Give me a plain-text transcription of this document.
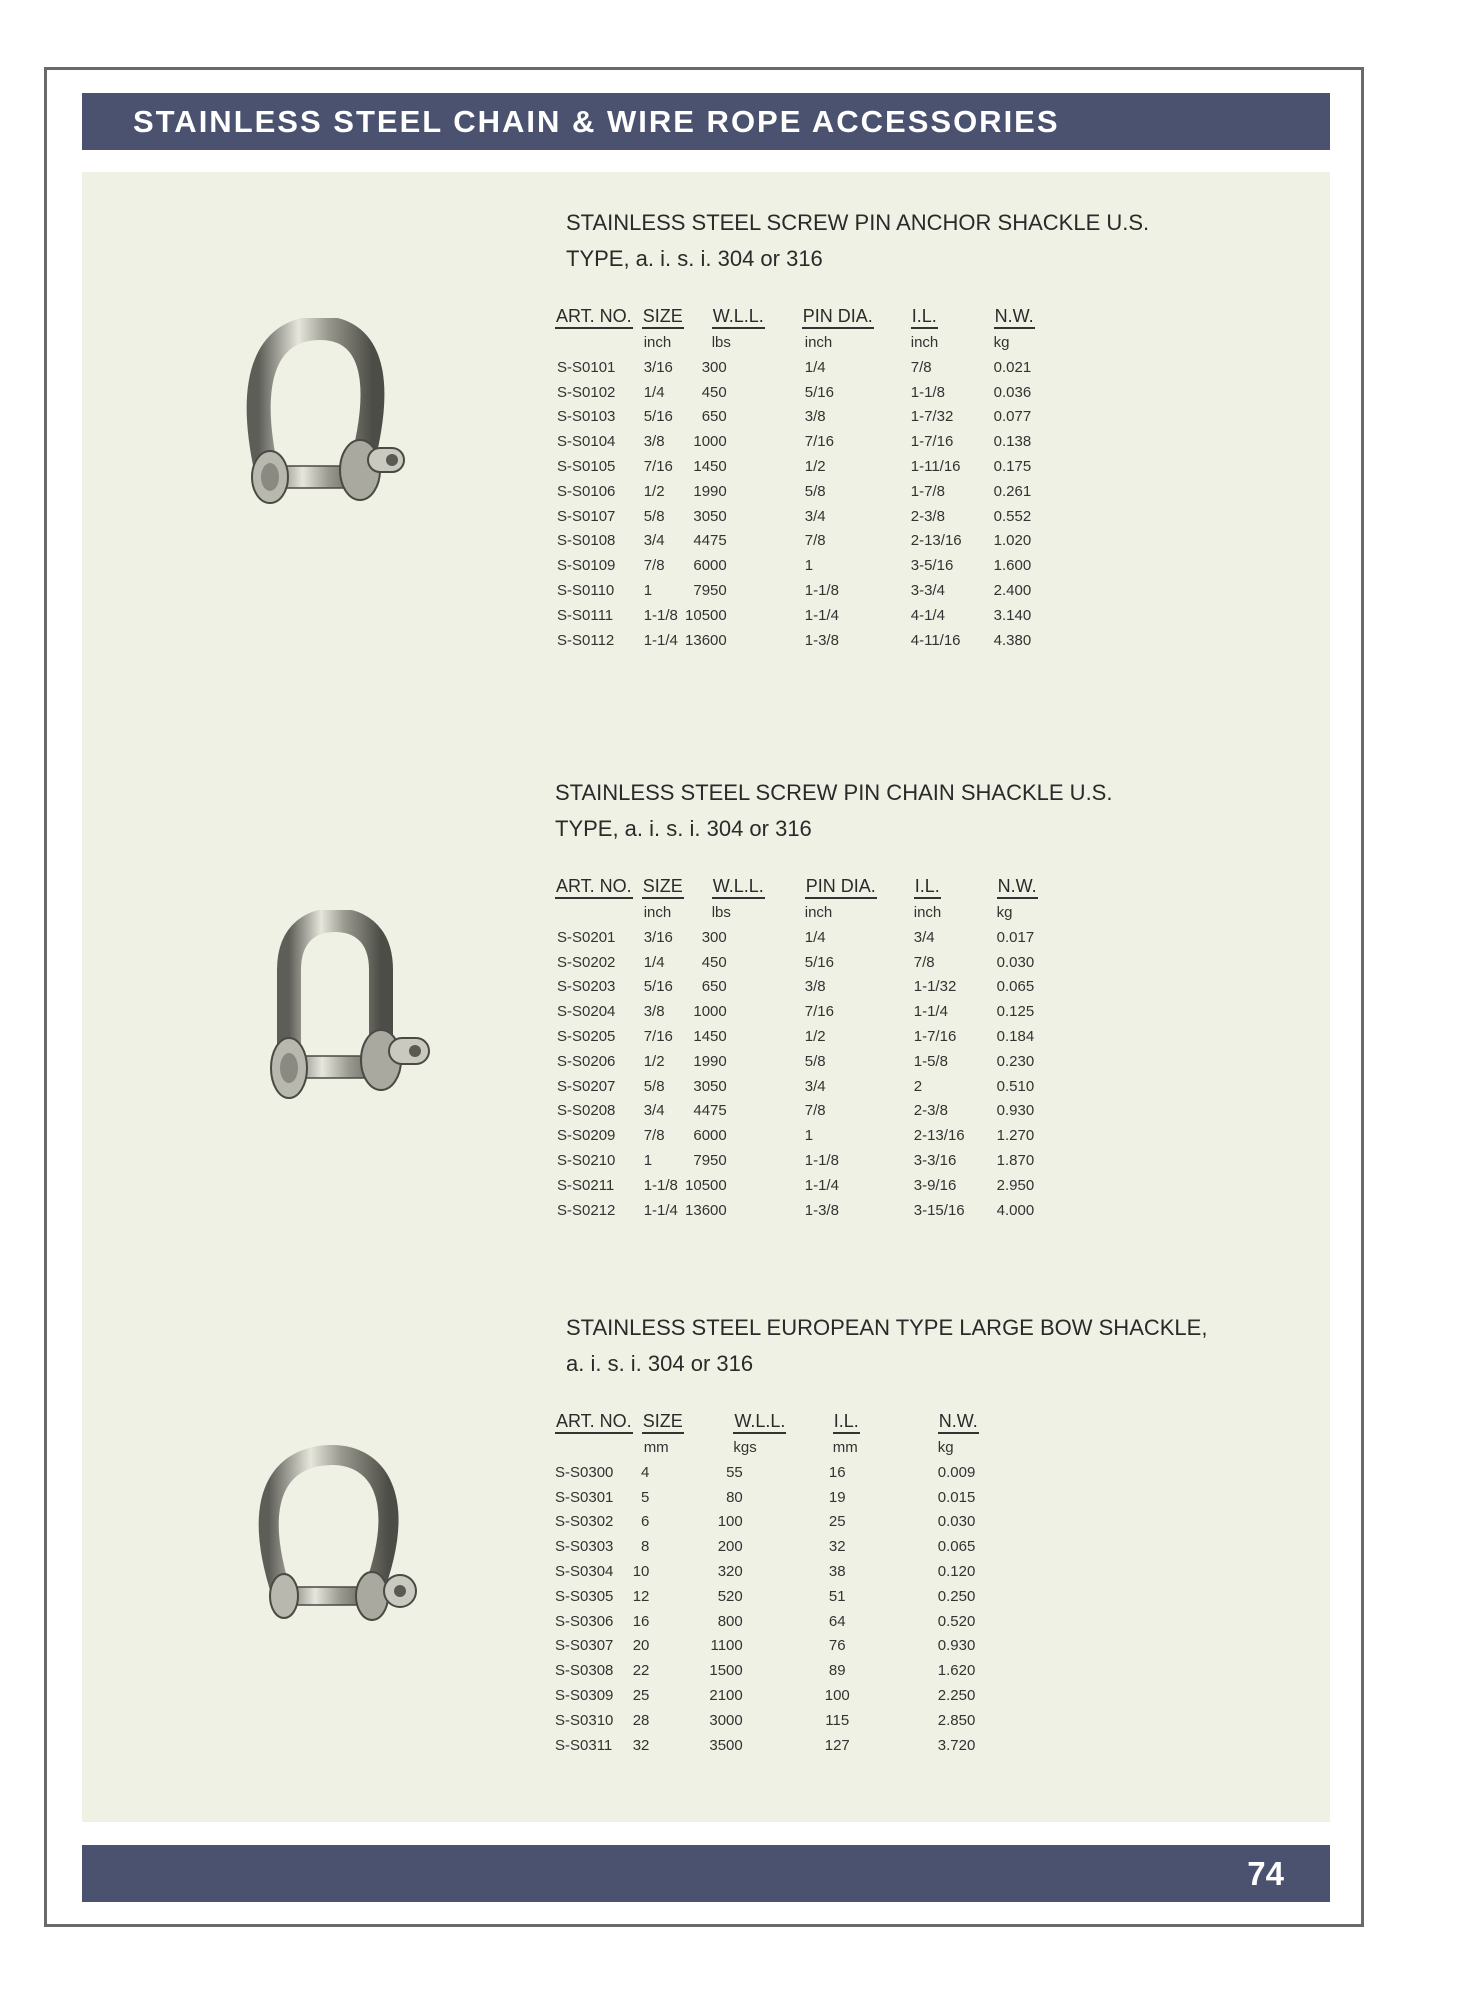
STAINLESS STEEL CHAIN & WIRE ROPE ACCESSORIES
STAINLESS STEEL SCREW PIN ANCHOR SHACKLE U.S.
TYPE, a. i. s. i. 304 or 316
ART. NO.	SIZE	W.L.L.	PIN DIA.	I.L.	N.W.
	inch	lbs	inch	inch	kg
S-S0101	3/16	300	1/4	7/8	0.021
S-S0102	1/4	450	5/16	1-1/8	0.036
S-S0103	5/16	650	3/8	1-7/32	0.077
S-S0104	3/8	1000	7/16	1-7/16	0.138
S-S0105	7/16	1450	1/2	1-11/16	0.175
S-S0106	1/2	1990	5/8	1-7/8	0.261
S-S0107	5/8	3050	3/4	2-3/8	0.552
S-S0108	3/4	4475	7/8	2-13/16	1.020
S-S0109	7/8	6000	1	3-5/16	1.600
S-S0110	1	7950	1-1/8	3-3/4	2.400
S-S0111	1-1/8	10500	1-1/4	4-1/4	3.140
S-S0112	1-1/4	13600	1-3/8	4-11/16	4.380
STAINLESS STEEL SCREW PIN CHAIN SHACKLE U.S.
TYPE, a. i. s. i. 304 or 316
ART. NO.	SIZE	W.L.L.	PIN DIA.	I.L.	N.W.
	inch	lbs	inch	inch	kg
S-S0201	3/16	300	1/4	3/4	0.017
S-S0202	1/4	450	5/16	7/8	0.030
S-S0203	5/16	650	3/8	1-1/32	0.065
S-S0204	3/8	1000	7/16	1-1/4	0.125
S-S0205	7/16	1450	1/2	1-7/16	0.184
S-S0206	1/2	1990	5/8	1-5/8	0.230
S-S0207	5/8	3050	3/4	2	0.510
S-S0208	3/4	4475	7/8	2-3/8	0.930
S-S0209	7/8	6000	1	2-13/16	1.270
S-S0210	1	7950	1-1/8	3-3/16	1.870
S-S0211	1-1/8	10500	1-1/4	3-9/16	2.950
S-S0212	1-1/4	13600	1-3/8	3-15/16	4.000
STAINLESS STEEL EUROPEAN TYPE LARGE BOW SHACKLE,
a. i. s. i. 304 or 316
ART. NO.	SIZE	W.L.L.	I.L.	N.W.
	mm	kgs	mm	kg
S-S0300	4	55	16	0.009
S-S0301	5	80	19	0.015
S-S0302	6	100	25	0.030
S-S0303	8	200	32	0.065
S-S0304	10	320	38	0.120
S-S0305	12	520	51	0.250
S-S0306	16	800	64	0.520
S-S0307	20	1100	76	0.930
S-S0308	22	1500	89	1.620
S-S0309	25	2100	100	2.250
S-S0310	28	3000	115	2.850
S-S0311	32	3500	127	3.720
74
